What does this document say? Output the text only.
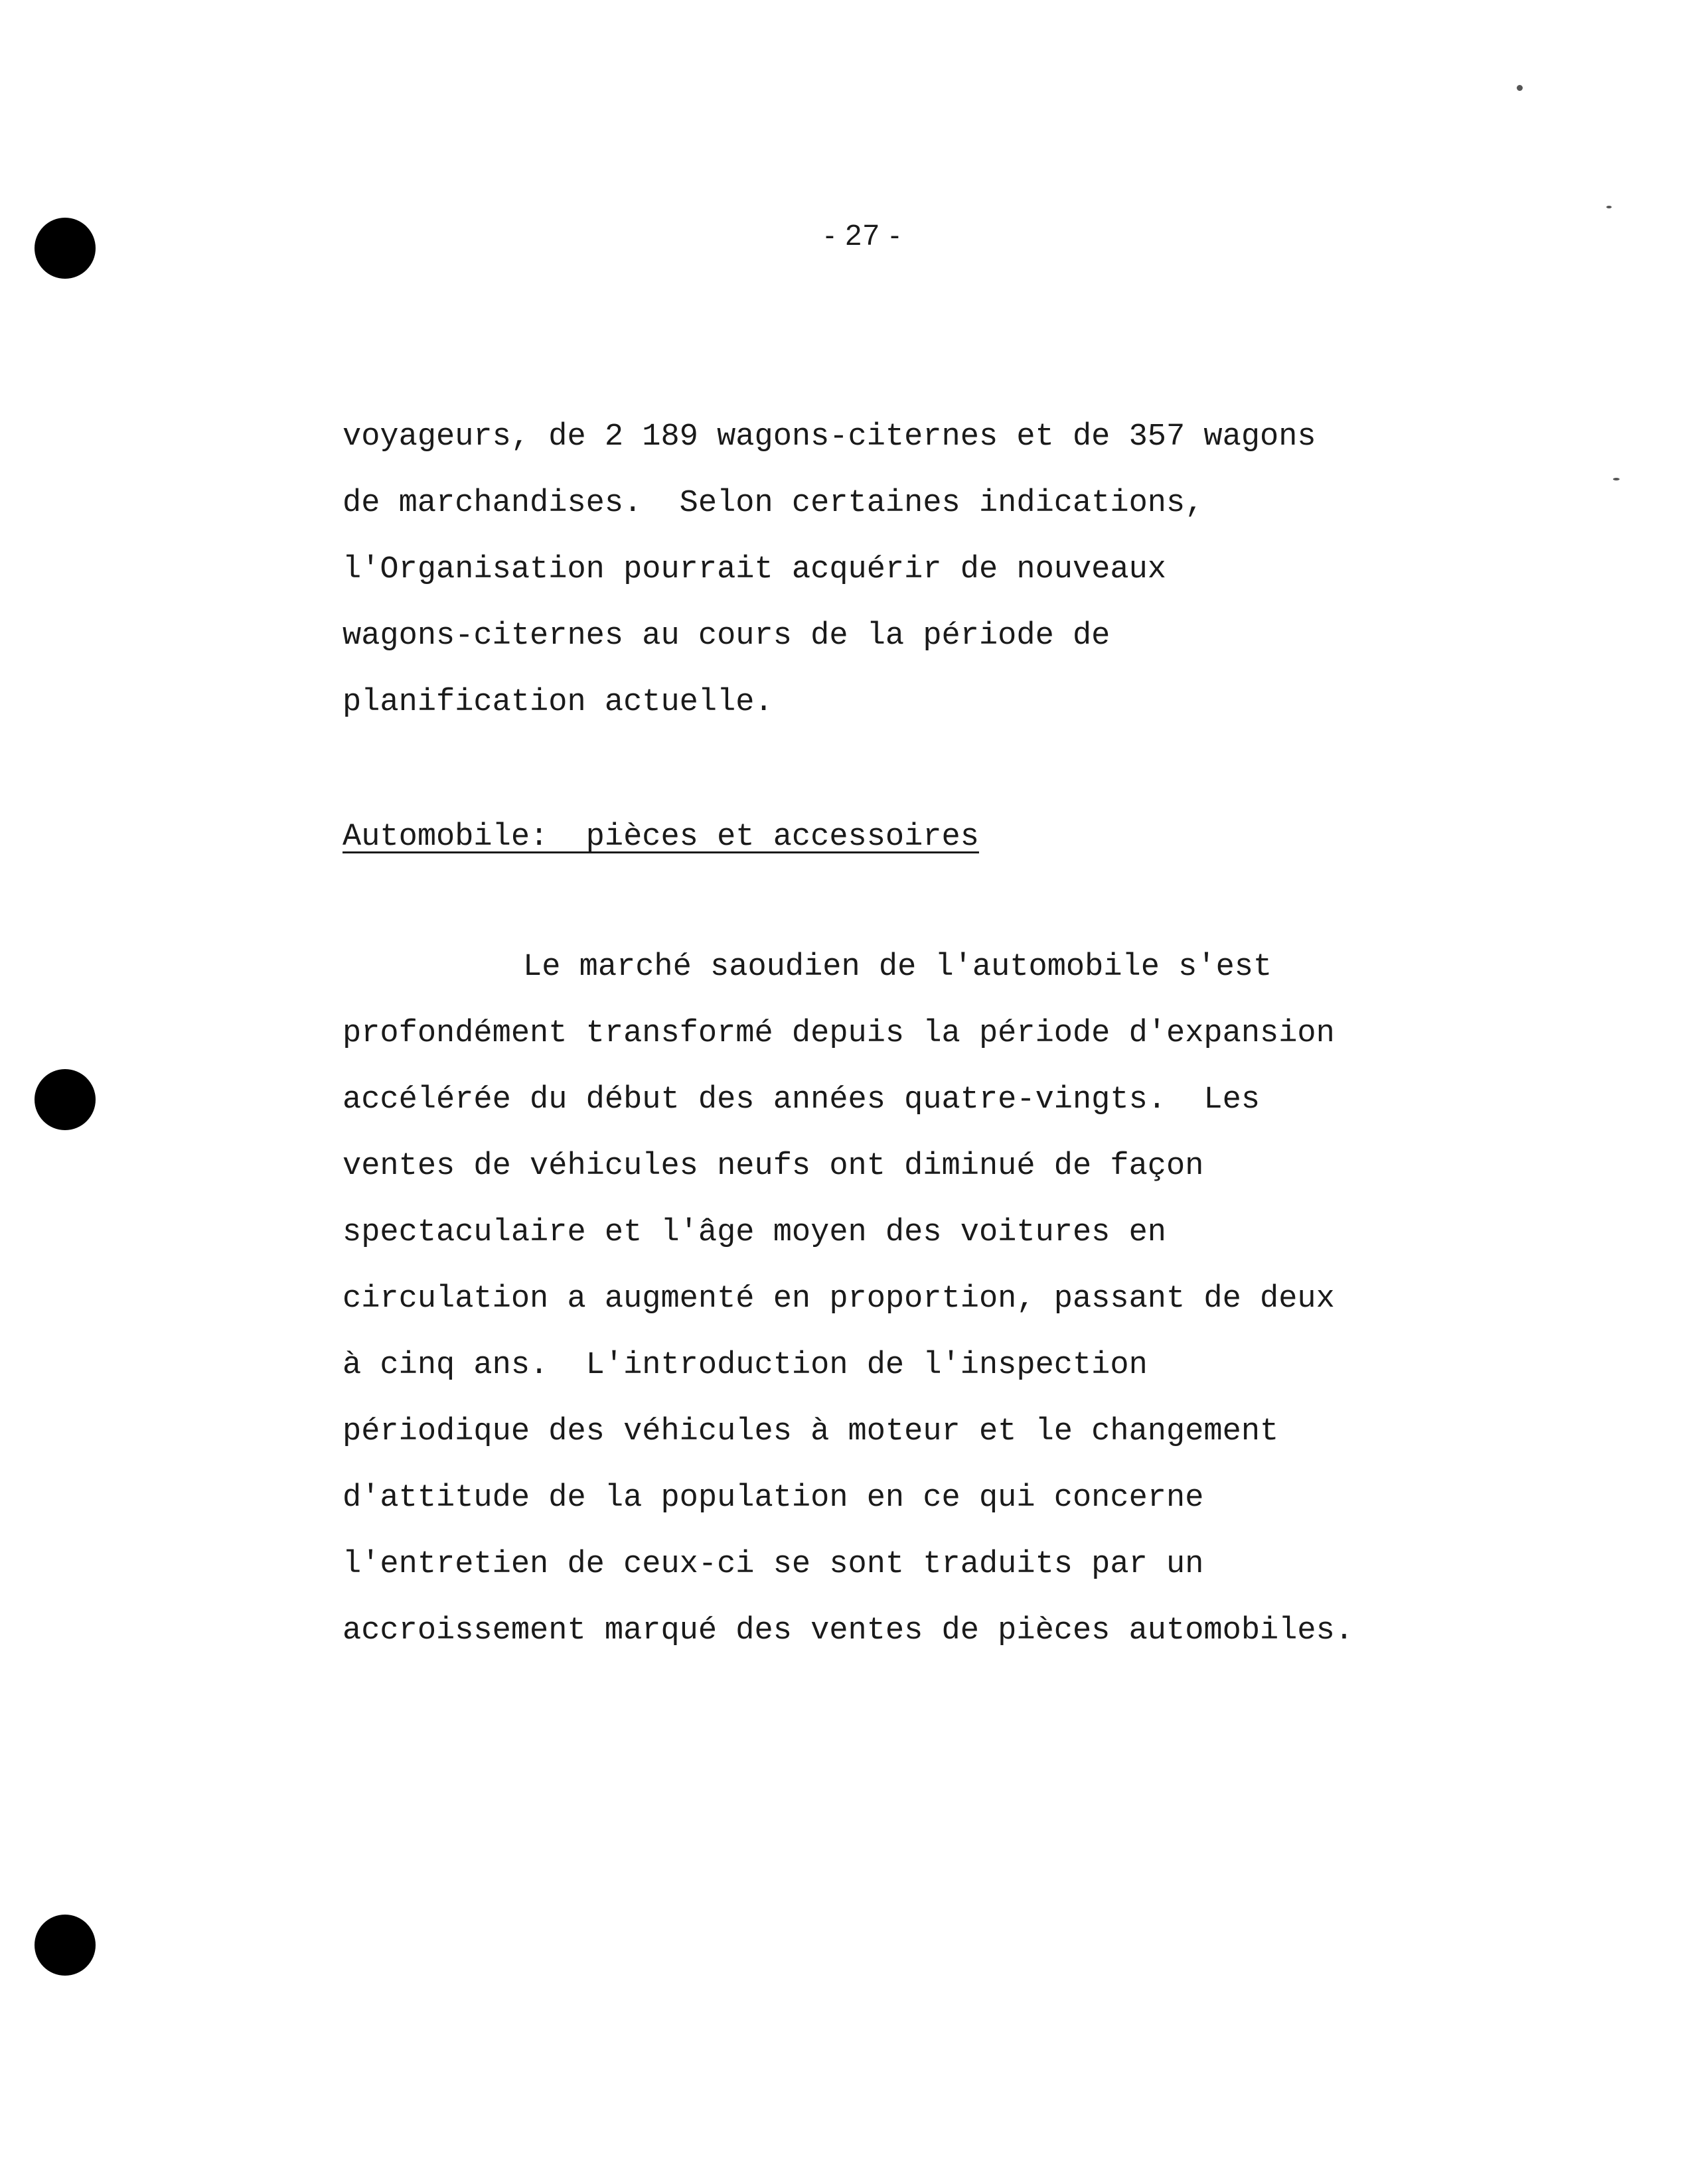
- 27 -
voyageurs, de 2 189 wagons-citernes et de 357 wagons
de marchandises.  Selon certaines indications,
l'Organisation pourrait acquérir de nouveaux
wagons-citernes au cours de la période de
planification actuelle.
Automobile:  pièces et accessoires
Le marché saoudien de l'automobile s'est
profondément transformé depuis la période d'expansion
accélérée du début des années quatre-vingts.  Les
ventes de véhicules neufs ont diminué de façon
spectaculaire et l'âge moyen des voitures en
circulation a augmenté en proportion, passant de deux
à cinq ans.  L'introduction de l'inspection
périodique des véhicules à moteur et le changement
d'attitude de la population en ce qui concerne
l'entretien de ceux-ci se sont traduits par un
accroissement marqué des ventes de pièces automobiles.
